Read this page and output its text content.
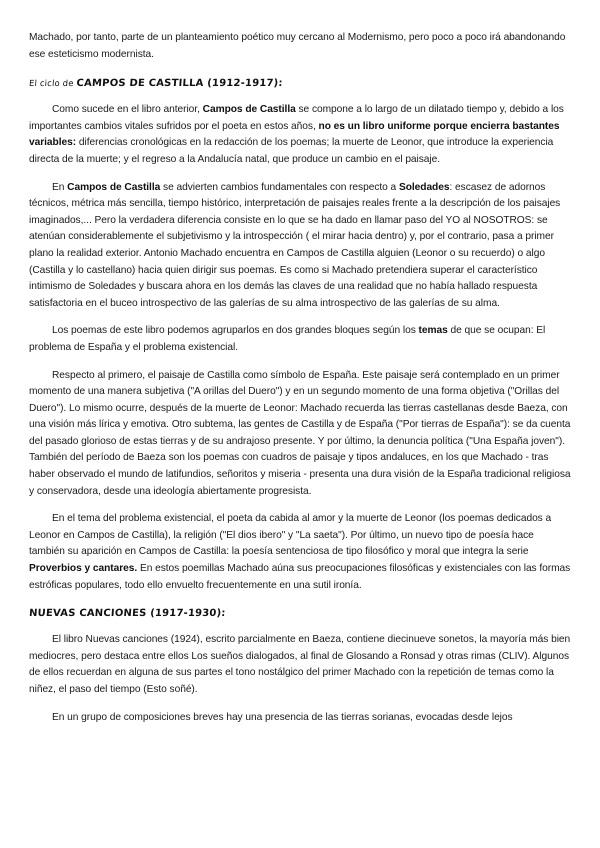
Machado, por tanto, parte de un planteamiento poético muy cercano al Modernismo, pero poco a poco irá abandonando ese esteticismo modernista.

El ciclo de CAMPOS DE CASTILLA (1912-1917):

Como sucede en el libro anterior, Campos de Castilla se compone a lo largo de un dilatado tiempo y, debido a los importantes cambios vitales sufridos por el poeta en estos años, no es un libro uniforme porque encierra bastantes variables: diferencias cronológicas en la redacción de los poemas; la muerte de Leonor, que introduce la experiencia directa de la muerte; y el regreso a la Andalucía natal, que produce un cambio en el paisaje.

En Campos de Castilla se advierten cambios fundamentales con respecto a Soledades: escasez de adornos técnicos, métrica más sencilla, tiempo histórico, interpretación de paisajes reales frente a la descripción de los paisajes imaginados,... Pero la verdadera diferencia consiste en lo que se ha dado en llamar paso del YO al NOSOTROS: se atenúan considerablemente el subjetivismo y la introspección ( el mirar hacia dentro) y, por el contrario, pasa a primer plano la realidad exterior. Antonio Machado encuentra en Campos de Castilla alguien (Leonor o su recuerdo) o algo (Castilla y lo castellano) hacia quien dirigir sus poemas. Es como si Machado pretendiera superar el característico intimismo de Soledades y buscara ahora en los demás las claves de una realidad que no había hallado respuesta satisfactoria en el buceo introspectivo de las galerías de su alma introspectivo de las galerías de su alma.

Los poemas de este libro podemos agruparlos en dos grandes bloques según los temas de que se ocupan: El problema de España y el problema existencial.

Respecto al primero, el paisaje de Castilla como símbolo de España. Este paisaje será contemplado en un primer momento de una manera subjetiva ("A orillas del Duero") y en un segundo momento de una forma objetiva ("Orillas del Duero"). Lo mismo ocurre, después de la muerte de Leonor: Machado recuerda las tierras castellanas desde Baeza, con una visión más lírica y emotiva. Otro subtema, las gentes de Castilla y de España ("Por tierras de España"): se da cuenta del pasado glorioso de estas tierras y de su andrajoso presente. Y por último, la denuncia política ("Una España joven"). También del período de Baeza son los poemas con cuadros de paisaje y tipos andaluces, en los que Machado - tras haber observado el mundo de latifundios, señoritos y miseria - presenta una dura visión de la España tradicional religiosa y conservadora, desde una ideología abiertamente progresista.

En el tema del problema existencial, el poeta da cabida al amor y la muerte de Leonor (los poemas dedicados a Leonor en Campos de Castilla), la religión ("El dios ibero" y "La saeta"). Por último, un nuevo tipo de poesía hace también su aparición en Campos de Castilla: la poesía sentenciosa de tipo filosófico y moral que integra la serie Proverbios y cantares. En estos poemillas Machado aúna sus preocupaciones filosóficas y existenciales con las formas estróficas populares, todo ello envuelto frecuentemente en una sutil ironía.

NUEVAS CANCIONES (1917-1930):

El libro Nuevas canciones (1924), escrito parcialmente en Baeza, contiene diecinueve sonetos, la mayoría más bien mediocres, pero destaca entre ellos Los sueños dialogados, al final de Glosando a Ronsad y otras rimas (CLIV). Algunos de ellos recuerdan en alguna de sus partes el tono nostálgico del primer Machado con la repetición de temas como la niñez, el paso del tiempo (Esto soñé).

En un grupo de composiciones breves hay una presencia de las tierras sorianas, evocadas desde lejos
